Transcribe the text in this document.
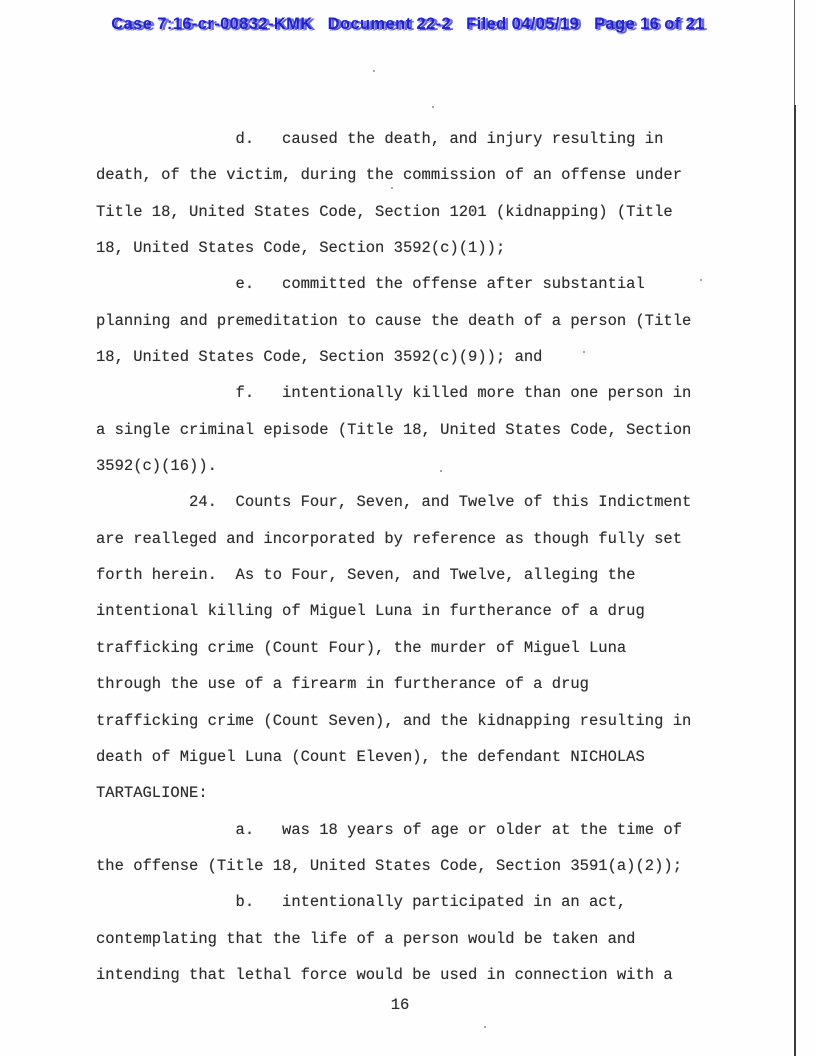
Case 7:16-cr-00832-KMK Document 22-2 Filed 04/05/19 Page 16 of 21
d.   caused the death, and injury resulting in
death, of the victim, during the commission of an offense under
Title 18, United States Code, Section 1201 (kidnapping) (Title
18, United States Code, Section 3592(c)(1));
e.   committed the offense after substantial
planning and premeditation to cause the death of a person (Title
18, United States Code, Section 3592(c)(9)); and
f.   intentionally killed more than one person in
a single criminal episode (Title 18, United States Code, Section
3592(c)(16)).
24.  Counts Four, Seven, and Twelve of this Indictment
are realleged and incorporated by reference as though fully set
forth herein.  As to Four, Seven, and Twelve, alleging the
intentional killing of Miguel Luna in furtherance of a drug
trafficking crime (Count Four), the murder of Miguel Luna
through the use of a firearm in furtherance of a drug
trafficking crime (Count Seven), and the kidnapping resulting in
death of Miguel Luna (Count Eleven), the defendant NICHOLAS
TARTAGLIONE:
a.   was 18 years of age or older at the time of
the offense (Title 18, United States Code, Section 3591(a)(2));
b.   intentionally participated in an act,
contemplating that the life of a person would be taken and
intending that lethal force would be used in connection with a
16
